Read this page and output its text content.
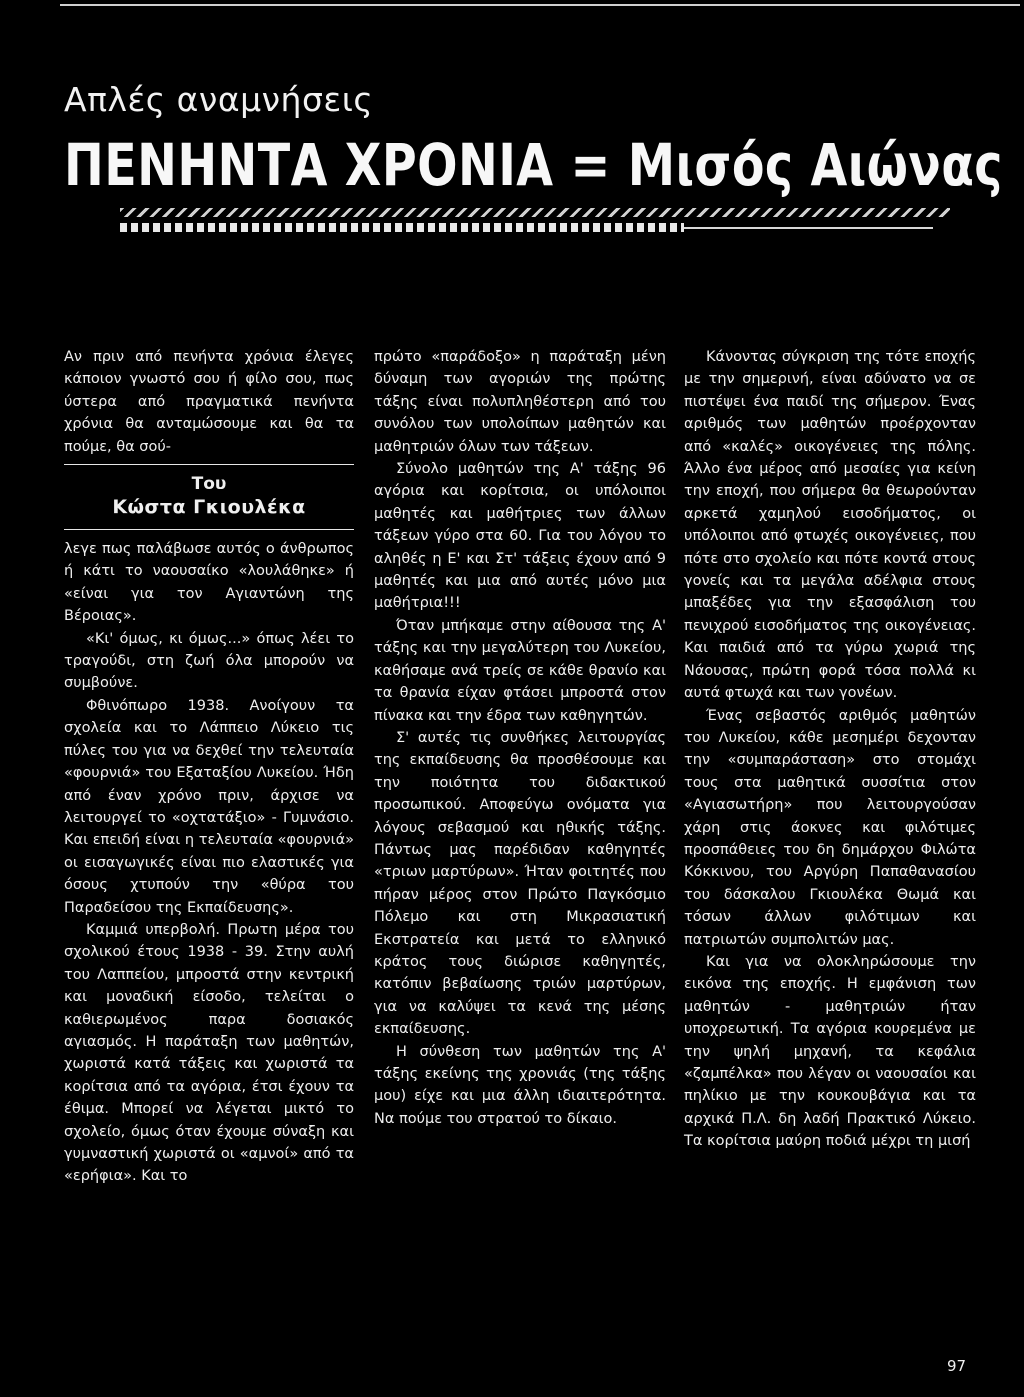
Απλές αναμνήσεις
ΠΕΝΗΝΤΑ ΧΡΟΝΙΑ = Μισός Αιώνας

Αν πριν από πενήντα χρόνια έλεγες κάποιον γνωστό σου ή φίλο σου, πως ύστερα από πραγματικά πενήντα χρόνια θα ανταμώσουμε και θα τα πούμε, θα σού-

Του
Κώστα Γκιουλέκα

λεγε πως παλάβωσε αυτός ο άνθρωπος ή κάτι το ναουσαίκο «λουλάθηκε» ή «είναι για τον Αγιαντώνη της Βέροιας».

«Κι' όμως, κι όμως...» όπως λέει το τραγούδι, στη ζωή όλα μπορούν να συμβούνε.

Φθινόπωρο 1938. Ανοίγουν τα σχολεία και το Λάππειο Λύκειο τις πύλες του για να δεχθεί την τελευταία «φουρνιά» του Εξαταξίου Λυκείου. Ήδη από έναν χρόνο πριν, άρχισε να λειτουργεί το «οχτατάξιο» - Γυμνάσιο. Και επειδή είναι η τελευταία «φουρνιά» οι εισαγωγικές είναι πιο ελαστικές για όσους χτυπούν την «θύρα του Παραδείσου της Εκπαίδευσης».

Καμμιά υπερβολή. Πρωτη μέρα του σχολικού έτους 1938 - 39. Στην αυλή του Λαππείου, μπροστά στην κεντρική και μοναδική είσοδο, τελείται ο καθιερωμένος παρα δοσιακός αγιασμός. Η παράταξη των μαθητών, χωριστά κατά τάξεις και χωριστά τα κορίτσια από τα αγόρια, έτσι έχουν τα έθιμα. Μπορεί να λέγεται μικτό το σχολείο, όμως όταν έχουμε σύναξη και γυμναστική χωριστά οι «αμνοί» από τα «ερήφια». Και το

πρώτο «παράδοξο» η παράταξη μένη δύναμη των αγοριών της πρώτης τάξης είναι πολυπληθέστερη από του συνόλου των υπολοίπων μαθητών και μαθητριών όλων των τάξεων.

Σύνολο μαθητών της Α' τάξης 96 αγόρια και κορίτσια, οι υπόλοιποι μαθητές και μαθήτριες των άλλων τάξεων γύρο στα 60. Για του λόγου το αληθές η Ε' και Στ' τάξεις έχουν από 9 μαθητές και μια από αυτές μόνο μια μαθήτρια!!!

Όταν μπήκαμε στην αίθουσα της Α' τάξης και την μεγαλύτερη του Λυκείου, καθήσαμε ανά τρείς σε κάθε θρανίο και τα θρανία είχαν φτάσει μπροστά στον πίνακα και την έδρα των καθηγητών.

Σ' αυτές τις συνθήκες λειτουργίας της εκπαίδευσης θα προσθέσουμε και την ποιότητα του διδακτικού προσωπικού. Αποφεύγω ονόματα για λόγους σεβασμού και ηθικής τάξης. Πάντως μας παρέδιδαν καθηγητές «τριων μαρτύρων». Ήταν φοιτητές που πήραν μέρος στον Πρώτο Παγκόσμιο Πόλεμο και στη Μικρασιατική Εκστρατεία και μετά το ελληνικό κράτος τους διώρισε καθηγητές, κατόπιν βεβαίωσης τριών μαρτύρων, για να καλύψει τα κενά της μέσης εκπαίδευσης.

Η σύνθεση των μαθητών της Α' τάξης εκείνης της χρονιάς (της τάξης μου) είχε και μια άλλη ιδιαιτερότητα. Να πούμε του στρατού το δίκαιο.

Κάνοντας σύγκριση της τότε εποχής με την σημερινή, είναι αδύνατο να σε πιστέψει ένα παιδί της σήμερον. Ένας αριθμός των μαθητών προέρχονταν από «καλές» οικογένειες της πόλης. Άλλο ένα μέρος από μεσαίες για κείνη την εποχή, που σήμερα θα θεωρούνταν αρκετά χαμηλού εισοδήματος, οι υπόλοιποι από φτωχές οικογένειες, που πότε στο σχολείο και πότε κοντά στους γονείς και τα μεγάλα αδέλφια στους μπαξέδες για την εξασφάλιση του πενιχρού εισοδήματος της οικογένειας. Και παιδιά από τα γύρω χωριά της Νάουσας, πρώτη φορά τόσα πολλά κι αυτά φτωχά και των γονέων.

Ένας σεβαστός αριθμός μαθητών του Λυκείου, κάθε μεσημέρι δεχονταν την «συμπαράσταση» στο στομάχι τους στα μαθητικά συσσίτια στον «Αγιασωτήρη» που λειτουργούσαν χάρη στις άοκνες και φιλότιμες προσπάθειες του δη δημάρχου Φιλώτα Κόκκινου, του Αργύρη Παπαθανασίου του δάσκαλου Γκιουλέκα Θωμά και τόσων άλλων φιλότιμων και πατριωτών συμπολιτών μας.

Και για να ολοκληρώσουμε την εικόνα της εποχής. Η εμφάνιση των μαθητών - μαθητριών ήταν υποχρεωτική. Τα αγόρια κουρεμένα με την ψηλή μηχανή, τα κεφάλια «ζαμπέλκα» που λέγαν οι ναουσαίοι και πηλίκιο με την κουκουβάγια και τα αρχικά Π.Λ. δη λαδή Πρακτικό Λύκειο. Τα κορίτσια μαύρη ποδιά μέχρι τη μισή

97
